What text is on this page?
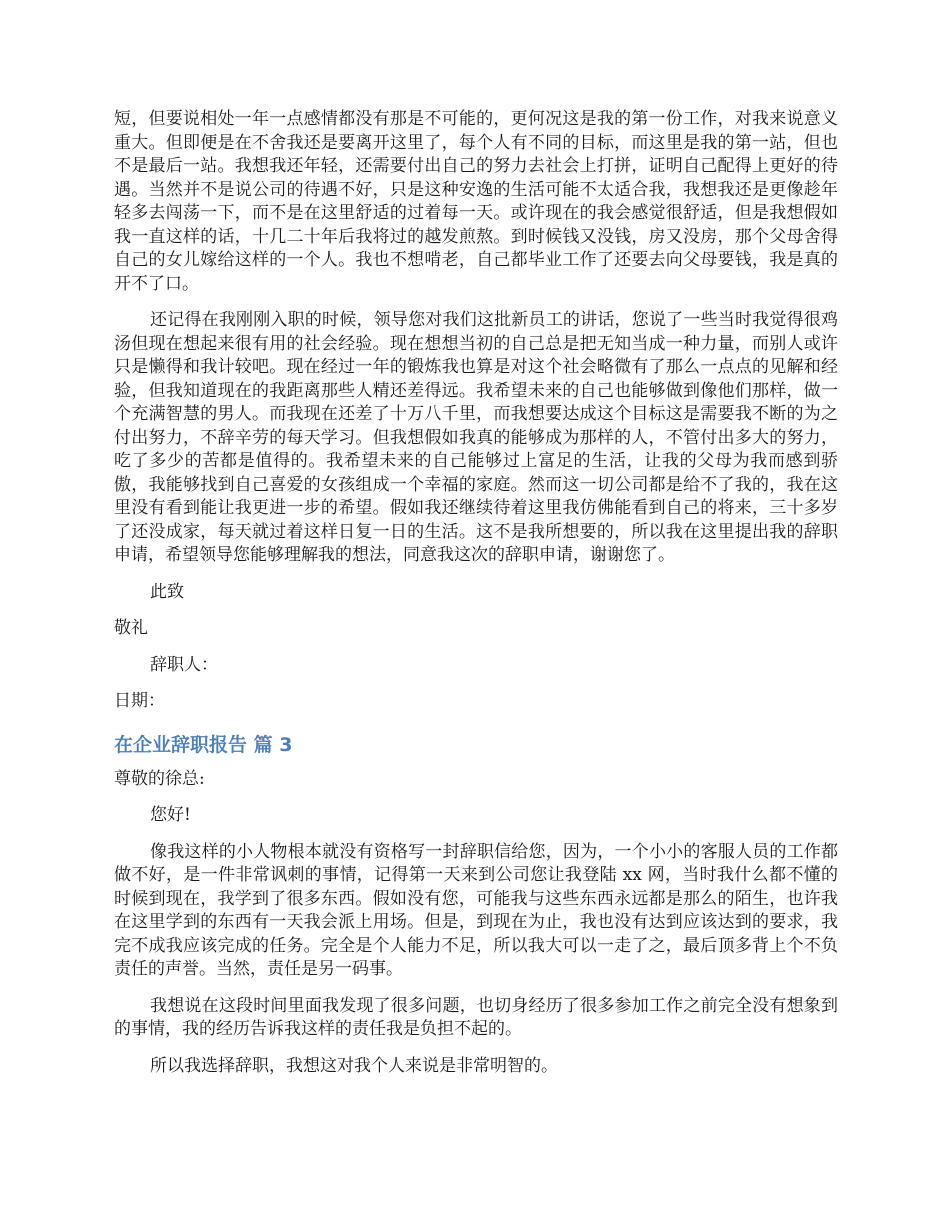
短，但要说相处一年一点感情都没有那是不可能的，更何况这是我的第一份工作，对我来说意义重大。但即便是在不舍我还是要离开这里了，每个人有不同的目标，而这里是我的第一站，但也不是最后一站。我想我还年轻，还需要付出自己的努力去社会上打拼，证明自己配得上更好的待遇。当然并不是说公司的待遇不好，只是这种安逸的生活可能不太适合我，我想我还是更像趁年轻多去闯荡一下，而不是在这里舒适的过着每一天。或许现在的我会感觉很舒适，但是我想假如我一直这样的话，十几二十年后我将过的越发煎熬。到时候钱又没钱，房又没房，那个父母舍得自己的女儿嫁给这样的一个人。我也不想啃老，自己都毕业工作了还要去向父母要钱，我是真的开不了口。

还记得在我刚刚入职的时候，领导您对我们这批新员工的讲话，您说了一些当时我觉得很鸡汤但现在想起来很有用的社会经验。现在想想当初的自己总是把无知当成一种力量，而别人或许只是懒得和我计较吧。现在经过一年的锻炼我也算是对这个社会略微有了那么一点点的见解和经验，但我知道现在的我距离那些人精还差得远。我希望未来的自己也能够做到像他们那样，做一个充满智慧的男人。而我现在还差了十万八千里，而我想要达成这个目标这是需要我不断的为之付出努力，不辞辛劳的每天学习。但我想假如我真的能够成为那样的人，不管付出多大的努力，吃了多少的苦都是值得的。我希望未来的自己能够过上富足的生活，让我的父母为我而感到骄傲，我能够找到自己喜爱的女孩组成一个幸福的家庭。然而这一切公司都是给不了我的，我在这里没有看到能让我更进一步的希望。假如我还继续待着这里我仿佛能看到自己的将来，三十多岁了还没成家，每天就过着这样日复一日的生活。这不是我所想要的，所以我在这里提出我的辞职申请，希望领导您能够理解我的想法，同意我这次的辞职申请，谢谢您了。

此致
敬礼
辞职人：
日期：
在企业辞职报告 篇 3
尊敬的徐总:
您好!

像我这样的小人物根本就没有资格写一封辞职信给您，因为，一个小小的客服人员的工作都做不好，是一件非常讽刺的事情，记得第一天来到公司您让我登陆 xx 网，当时我什么都不懂的时候到现在，我学到了很多东西。假如没有您，可能我与这些东西永远都是那么的陌生，也许我在这里学到的东西有一天我会派上用场。但是，到现在为止，我也没有达到应该达到的要求，我完不成我应该完成的任务。完全是个人能力不足，所以我大可以一走了之，最后顶多背上个不负责任的声誉。当然，责任是另一码事。

我想说在这段时间里面我发现了很多问题，也切身经历了很多参加工作之前完全没有想象到的事情，我的经历告诉我这样的责任我是负担不起的。

所以我选择辞职，我想这对我个人来说是非常明智的。
